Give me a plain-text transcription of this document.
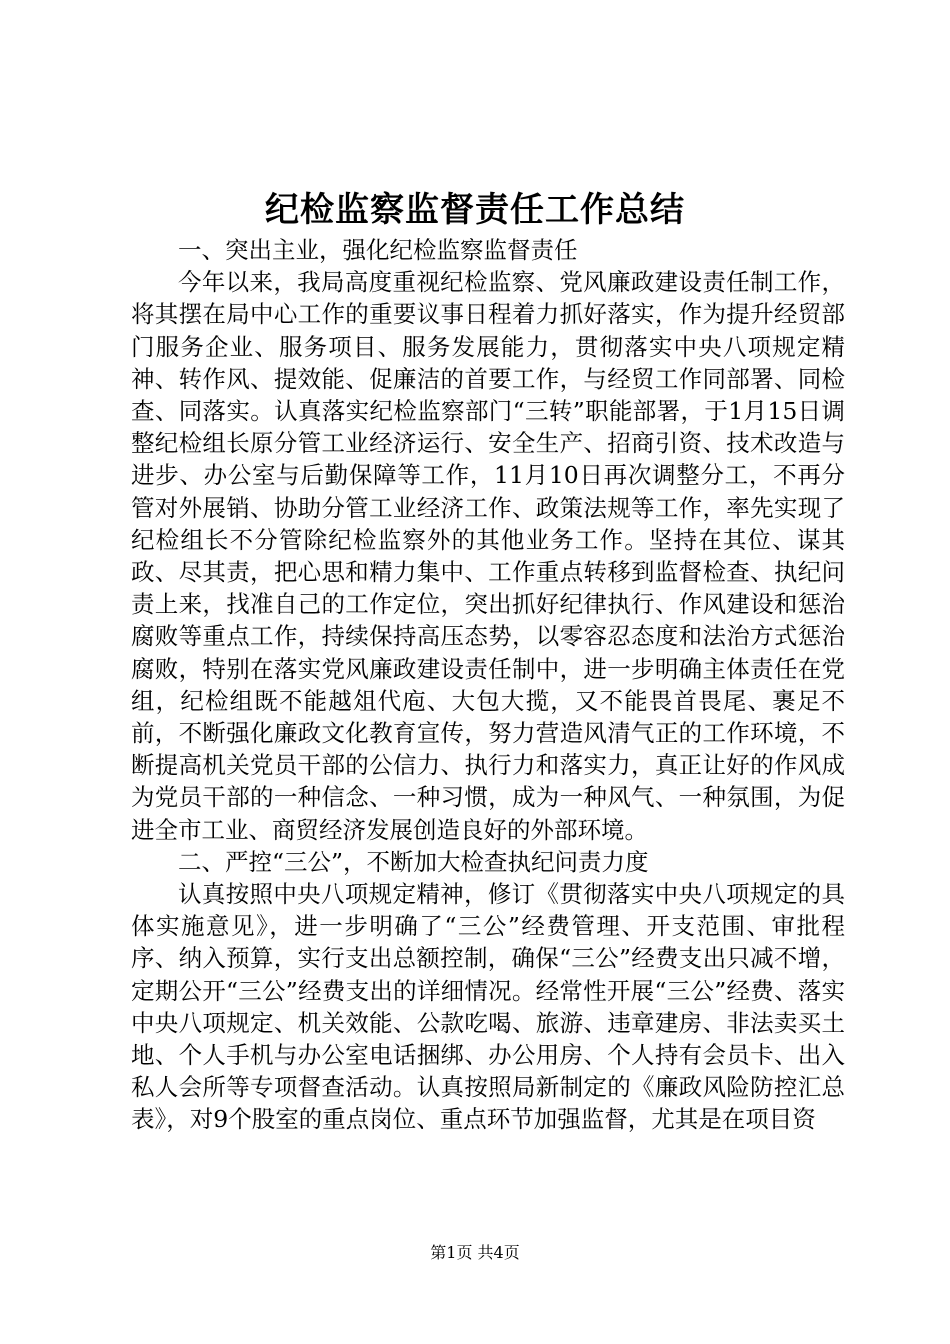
纪检监察监督责任工作总结

一、突出主业，强化纪检监察监督责任

今年以来，我局高度重视纪检监察、党风廉政建设责任制工作，将其摆在局中心工作的重要议事日程着力抓好落实，作为提升经贸部门服务企业、服务项目、服务发展能力，贯彻落实中央八项规定精神、转作风、提效能、促廉洁的首要工作，与经贸工作同部署、同检查、同落实。认真落实纪检监察部门“三转”职能部署，于1月15日调整纪检组长原分管工业经济运行、安全生产、招商引资、技术改造与进步、办公室与后勤保障等工作，11月10日再次调整分工，不再分管对外展销、协助分管工业经济工作、政策法规等工作，率先实现了纪检组长不分管除纪检监察外的其他业务工作。坚持在其位、谋其政、尽其责，把心思和精力集中、工作重点转移到监督检查、执纪问责上来，找准自己的工作定位，突出抓好纪律执行、作风建设和惩治腐败等重点工作，持续保持高压态势，以零容忍态度和法治方式惩治腐败，特别在落实党风廉政建设责任制中，进一步明确主体责任在党组，纪检组既不能越俎代庖、大包大揽，又不能畏首畏尾、裹足不前，不断强化廉政文化教育宣传，努力营造风清气正的工作环境，不断提高机关党员干部的公信力、执行力和落实力，真正让好的作风成为党员干部的一种信念、一种习惯，成为一种风气、一种氛围，为促进全市工业、商贸经济发展创造良好的外部环境。

二、严控“三公”，不断加大检查执纪问责力度

认真按照中央八项规定精神，修订《贯彻落实中央八项规定的具体实施意见》，进一步明确了“三公”经费管理、开支范围、审批程序、纳入预算，实行支出总额控制，确保“三公”经费支出只减不增，定期公开“三公”经费支出的详细情况。经常性开展“三公”经费、落实中央八项规定、机关效能、公款吃喝、旅游、违章建房、非法卖买土地、个人手机与办公室电话捆绑、办公用房、个人持有会员卡、出入私人会所等专项督查活动。认真按照局新制定的《廉政风险防控汇总表》，对9个股室的重点岗位、重点环节加强监督，尤其是在项目资

第1页 共4页
